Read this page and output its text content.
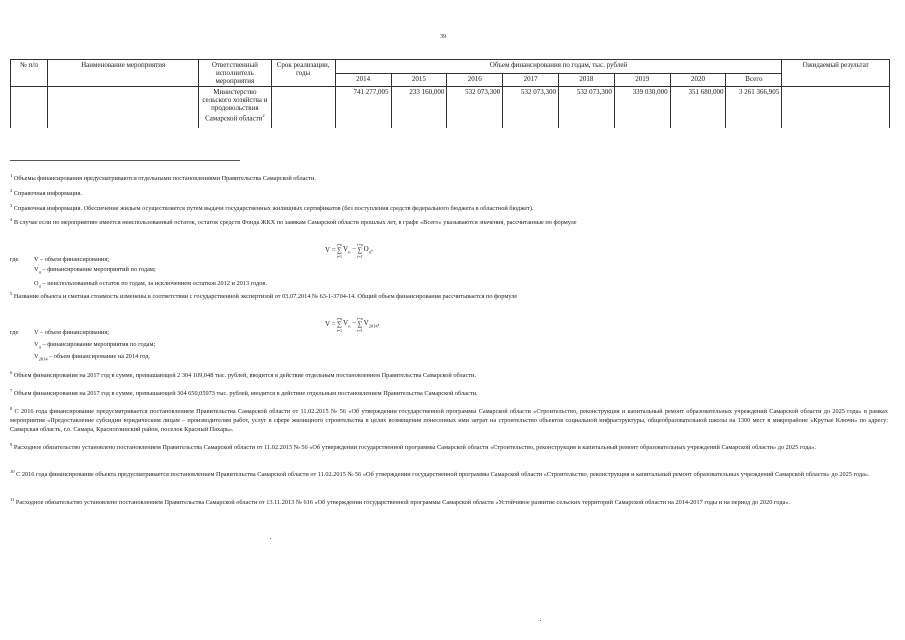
39
№ п/п	Наименование мероприятия	Ответственный исполнитель мероприятия	Срок реализации, годы	Объем финансирования по годам, тыс. рублей								Ожидаемый результат
				2014	2015	2016	2017	2018	2019	2020	Всего	
		Министерство сельского хозяйства и продовольствия Самарской области$^2$		741 277,005	233 160,000	532 073,300	532 073,300	532 073,300	339 030,000	351 680,000	3 261 366,905	
$^1$ Объемы финансирования предусматриваются отдельными постановлениями Правительства Самарской области.
$^2$ Справочная информация.
$^3$ Справочная информация. Обеспечение жильем осуществляется путем выдачи государственных жилищных сертификатов (без поступления средств федерального бюджета в областной бюджет).
$^4$ В случае если по мероприятию имеется неиспользованный остаток, остаток средств Фонда ЖКХ по заявкам Самарской области прошлых лет, в графе «Всего» указываются значения, рассчитанные по формуле
V =
i=n
∑
i=1
$V_п$ −
i=n
∑
i=1
$O_п$,
где V – объем финансирования;
$V_п$ – финансирование мероприятий по годам;
$O_п$ – неиспользованный остаток по годам, за исключением остатков 2012 и 2013 годов.
$^5$ Название объекта и сметная стоимость изменены в соответствии с государственной экспертизой от 03.07.2014 № 63-1-3704-14. Общий объем финансирования рассчитывается по формуле
V =
i=n
∑
i=1
$V_п$ −
i=n
∑
i=1
$V_{2014}$,
где V – объем финансирования;
$V_п$ – финансирование мероприятия по годам;
$V_{2014}$ – объем финансирование на 2014 год.
$^6$ Объем финансирования на 2017 год в сумме, превышающей 2 304 109,048 тыс. рублей, вводится в действие отдельным постановлением Правительства Самарской области.
$^7$ Объем финансирования на 2017 год в сумме, превышающей 304 650,05973 тыс. рублей, вводится в действие отдельным постановлением Правительства Самарской области.
$^8$ С 2016 года финансирование предусматривается постановлением Правительства Самарской области от 11.02.2015 № 56 «Об утверждении государственной программы Самарской области «Строительство, реконструкция и капитальный ремонт образовательных учреждений Самарской области до 2025 года» в рамках мероприятия «Предоставление субсидии юридическим лицам – производителям работ, услуг в сфере жилищного строительства в целях возмещения понесенных ими затрат на строительство объектов социальной инфраструктуры, общеобразовательной школы на 1300 мест в микрорайоне «Крутые Ключи» по адресу: Самарская область, г.о. Самара, Красноглинский район, поселок Красный Пахарь».
$^9$ Расходное обязательство установлено постановлением Правительства Самарской области от 11.02.2015 № 56 «Об утверждении государственной программы Самарской области «Строительство, реконструкция и капитальный ремонт образовательных учреждений Самарской области» до 2025 года».
$^{10}$ С 2016 года финансирование объекта предусматривается постановлением Правительства Самарской области от 11.02.2015 № 56 «Об утверждении государственной программы Самарской области «Строительство, реконструкция и капитальный ремонт образовательных учреждений Самарской области» до 2025 года».
$^{11}$ Расходное обязательство установлено постановлением Правительства Самарской области от 13.11.2013 № 616 «Об утверждении государственной программы Самарской области «Устойчивое развитие сельских территорий Самарской области на 2014-2017 годы и на период до 2020 года».
